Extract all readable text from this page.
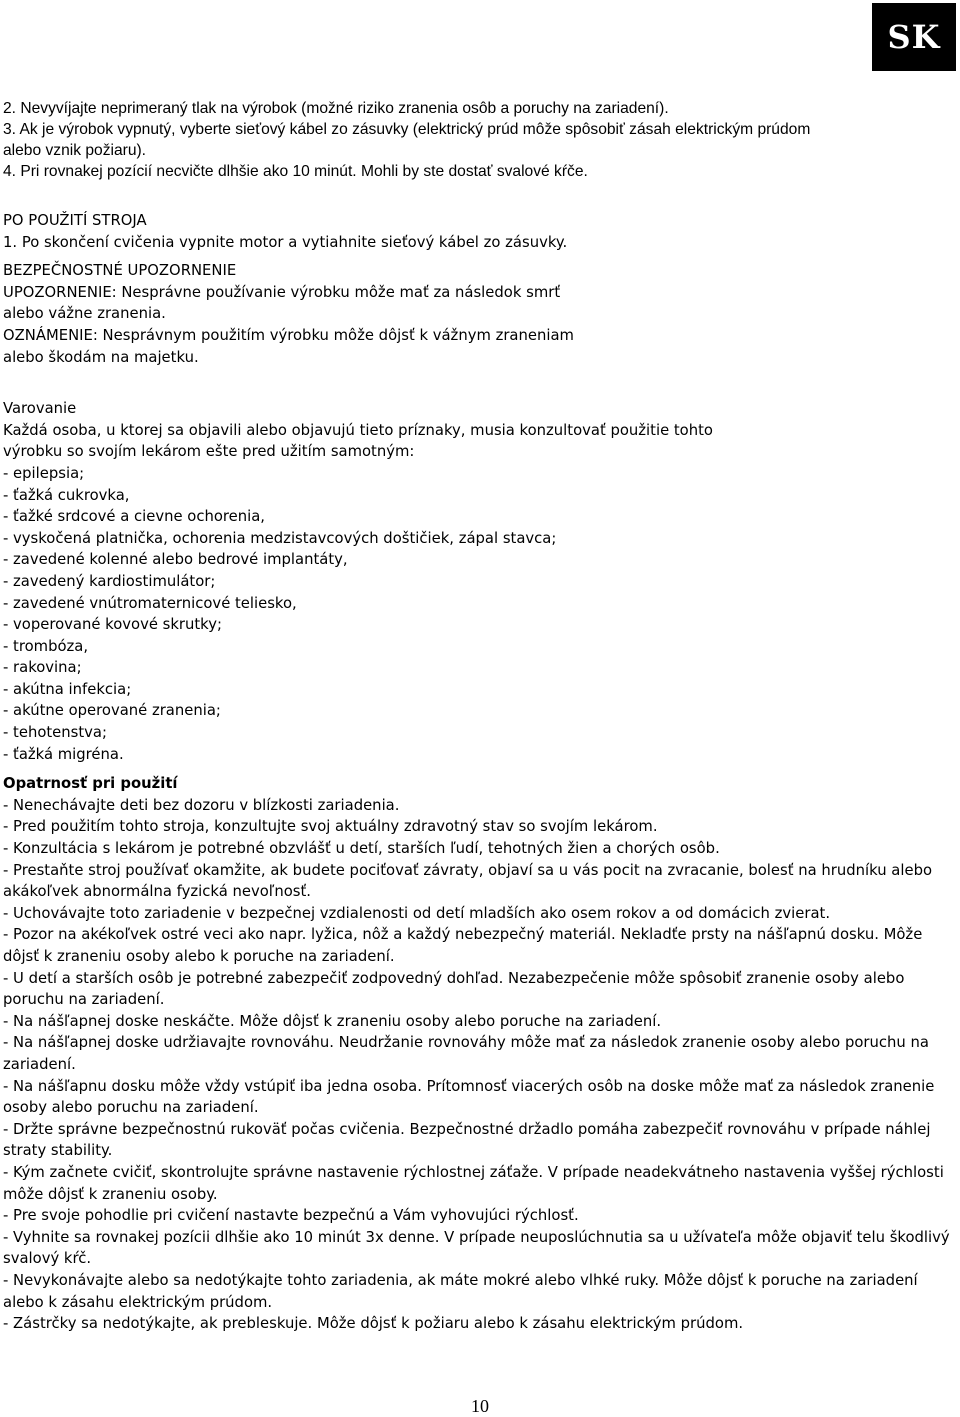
SK
2. Nevyvíjajte neprimeraný tlak na výrobok (možné riziko zranenia osôb a poruchy na zariadení).
3. Ak je výrobok vypnutý, vyberte sieťový kábel zo zásuvky (elektrický prúd môže spôsobiť zásah elektrickým prúdom
alebo vznik požiaru).
4. Pri rovnakej pozícií necvičte dlhšie ako 10 minút. Mohli by ste dostať svalové kŕče.
PO POUŽITÍ STROJA
1. Po skončení cvičenia vypnite motor a vytiahnite sieťový kábel zo zásuvky.
BEZPEČNOSTNÉ UPOZORNENIE
UPOZORNENIE: Nesprávne používanie výrobku môže mať za následok smrť
alebo vážne zranenia.
OZNÁMENIE: Nesprávnym použitím výrobku môže dôjsť k vážnym zraneniam
alebo škodám na majetku.
Varovanie
Každá osoba, u ktorej sa objavili alebo objavujú tieto príznaky, musia konzultovať použitie tohto
výrobku so svojím lekárom ešte pred užitím samotným:
- epilepsia;
- ťažká cukrovka,
- ťažké srdcové a cievne ochorenia,
- vyskočená platnička, ochorenia medzistavcových doštičiek, zápal stavca;
- zavedené kolenné alebo bedrové implantáty,
- zavedený kardiostimulátor;
- zavedené vnútromaternicové teliesko,
- voperované kovové skrutky;
- trombóza,
- rakovina;
- akútna infekcia;
- akútne operované zranenia;
- tehotenstva;
- ťažká migréna.
Opatrnosť pri použití
- Nenechávajte deti bez dozoru v blízkosti zariadenia.
- Pred použitím tohto stroja, konzultujte svoj aktuálny zdravotný stav so svojím lekárom.
- Konzultácia s lekárom je potrebné obzvlášť u detí, starších ľudí, tehotných žien a chorých osôb.
- Prestaňte stroj používať okamžite, ak budete pociťovať závraty, objaví sa u vás pocit na zvracanie, bolesť na hrudníku alebo akákoľvek abnormálna fyzická nevoľnosť.
- Uchovávajte toto zariadenie v bezpečnej vzdialenosti od detí mladších ako osem rokov a od domácich zvierat.
- Pozor na akékoľvek ostré veci ako napr. lyžica, nôž a každý nebezpečný materiál. Nekladťe prsty na nášľapnú dosku. Môže dôjsť k zraneniu osoby alebo k poruche na zariadení.
- U detí a starších osôb je potrebné zabezpečiť zodpovedný dohľad. Nezabezpečenie môže spôsobiť zranenie osoby alebo poruchu na zariadení.
- Na nášľapnej doske neskáčte. Môže dôjsť k zraneniu osoby alebo poruche na zariadení.
- Na nášľapnej doske udržiavajte rovnováhu. Neudržanie rovnováhy môže mať za následok zranenie osoby alebo poruchu na zariadení.
- Na nášľapnu dosku môže vždy vstúpiť iba jedna osoba. Prítomnosť viacerých osôb na doske môže mať za následok zranenie osoby alebo poruchu na zariadení.
- Držte správne bezpečnostnú rukoväť počas cvičenia. Bezpečnostné držadlo pomáha zabezpečiť rovnováhu v prípade náhlej straty stability.
- Kým začnete cvičiť, skontrolujte správne nastavenie rýchlostnej záťaže. V prípade neadekvátneho nastavenia vyššej rýchlosti môže dôjsť k zraneniu osoby.
- Pre svoje pohodlie pri cvičení nastavte bezpečnú a Vám vyhovujúci rýchlosť.
- Vyhnite sa rovnakej pozícii dlhšie ako 10 minút 3x denne. V prípade neuposlúchnutia sa u užívateľa môže objaviť telu škodlivý svalový kŕč.
- Nevykonávajte alebo sa nedotýkajte tohto zariadenia, ak máte mokré alebo vlhké ruky. Môže dôjsť k poruche na zariadení alebo k zásahu elektrickým prúdom.
- Zástrčky sa nedotýkajte, ak prebleskuje. Môže dôjsť k požiaru alebo k zásahu elektrickým prúdom.
10
